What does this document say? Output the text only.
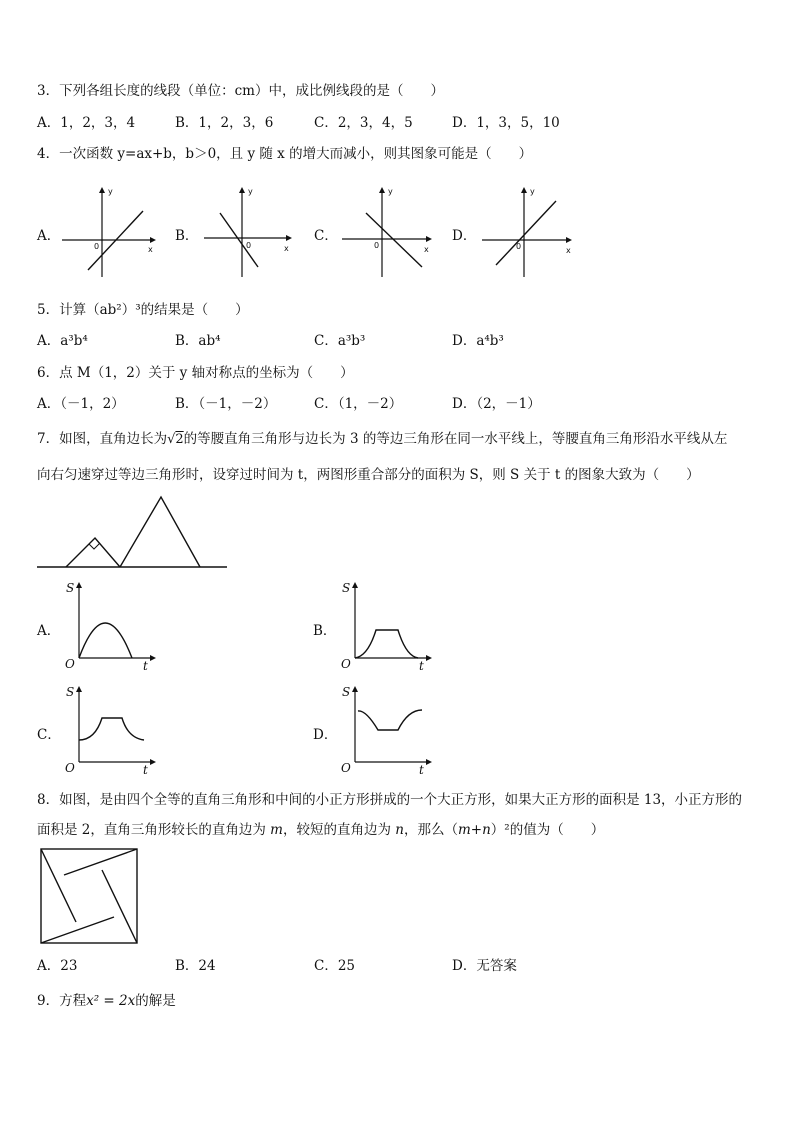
3．下列各组长度的线段（单位：cm）中，成比例线段的是（　　）
A．1，2，3，4	B．1，2，3，6	C．2，3，4，5	D．1，3，5，10
4．一次函数 y=ax+b，b＞0，且 y 随 x 的增大而减小，则其图象可能是（　　）
A．
y
x
0
B．
y
x
0
C．
y
x
0
D．
y
x
0
5．计算（ab²）³的结果是（　　）
A．a³b⁴	B．ab⁴	C．a³b³	D．a⁴b³
6．点 M（1，2）关于 y 轴对称点的坐标为（　　）
A．（－1，2）	B．（－1，－2）	C．（1，－2）	D．（2，－1）
7．如图，直角边长为√2的等腰直角三角形与边长为 3 的等边三角形在同一水平线上，等腰直角三角形沿水平线从左
向右匀速穿过等边三角形时，设穿过时间为 t，两图形重合部分的面积为 S，则 S 关于 t 的图象大致为（　　）
A．
S
t
O
B．
S
t
O
C．
S
t
O
D．
S
t
O
8．如图，是由四个全等的直角三角形和中间的小正方形拼成的一个大正方形，如果大正方形的面积是 13，小正方形的
面积是 2，直角三角形较长的直角边为 m，较短的直角边为 n，那么（m+n）²的值为（　　）
A．23	B．24	C．25	D．无答案
9．方程x² = 2x的解是
